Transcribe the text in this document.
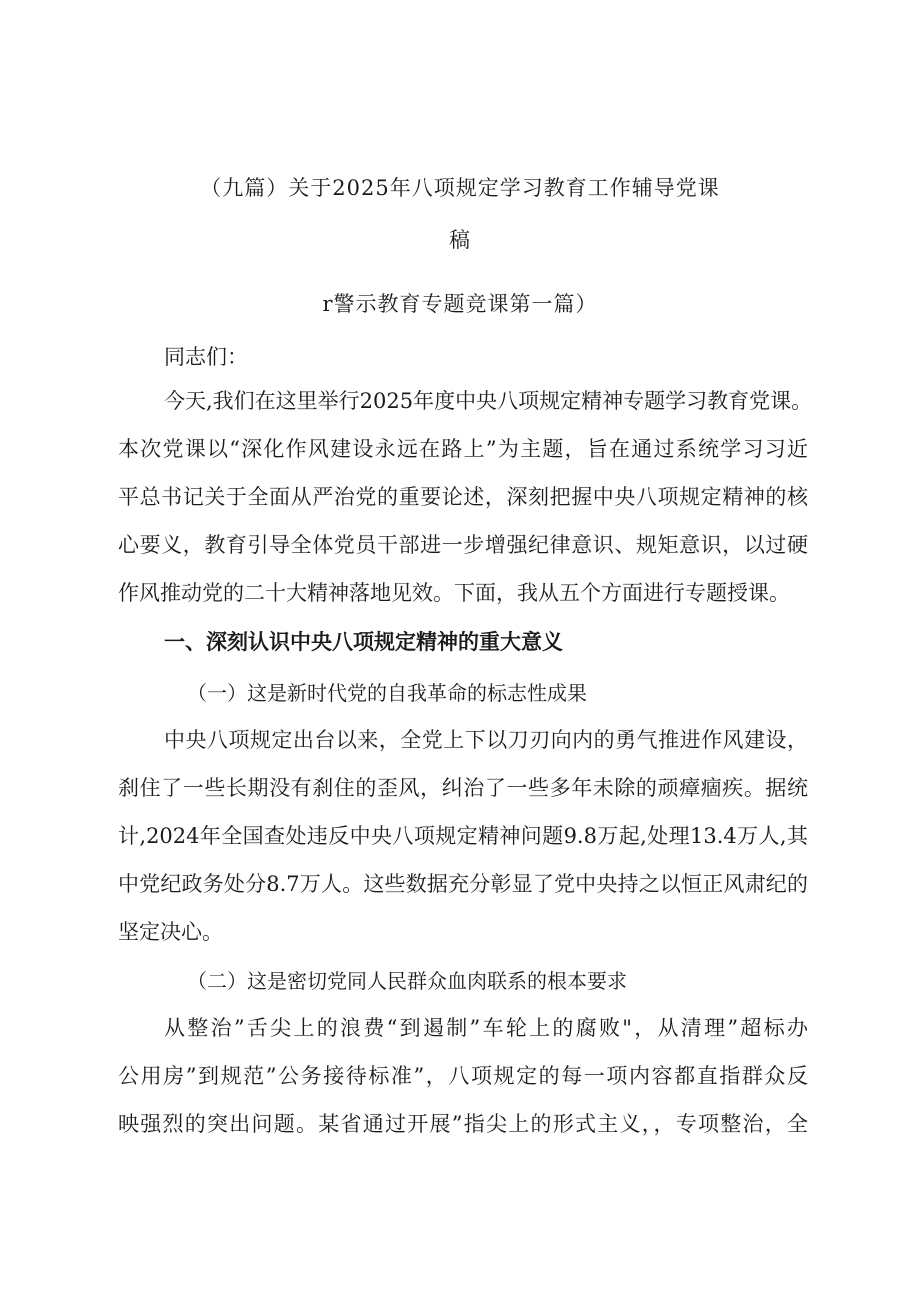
（九篇）关于2025年八项规定学习教育工作辅导党课
稿
r警示教育专题竞课第一篇）
同志们：
今天,我们在这里举行2025年度中央八项规定精神专题学习教育党课。
本次党课以“深化作风建设永远在路上”为主题，旨在通过系统学习习近
平总书记关于全面从严治党的重要论述，深刻把握中央八项规定精神的核
心要义，教育引导全体党员干部进一步增强纪律意识、规矩意识，以过硬
作风推动党的二十大精神落地见效。下面，我从五个方面进行专题授课。
一、深刻认识中央八项规定精神的重大意义
（一）这是新时代党的自我革命的标志性成果
中央八项规定出台以来，全党上下以刀刃向内的勇气推进作风建设，
刹住了一些长期没有刹住的歪风，纠治了一些多年未除的顽瘴痼疾。据统
计,2024年全国查处违反中央八项规定精神问题9.8万起,处理13.4万人,其
中党纪政务处分8.7万人。这些数据充分彰显了党中央持之以恒正风肃纪的
坚定决心。
（二）这是密切党同人民群众血肉联系的根本要求
从整治”舌尖上的浪费“到遏制”车轮上的腐败"，从清理”超标办
公用房”到规范”公务接待标准”，八项规定的每一项内容都直指群众反
映强烈的突出问题。某省通过开展”指尖上的形式主义，，专项整治，全
